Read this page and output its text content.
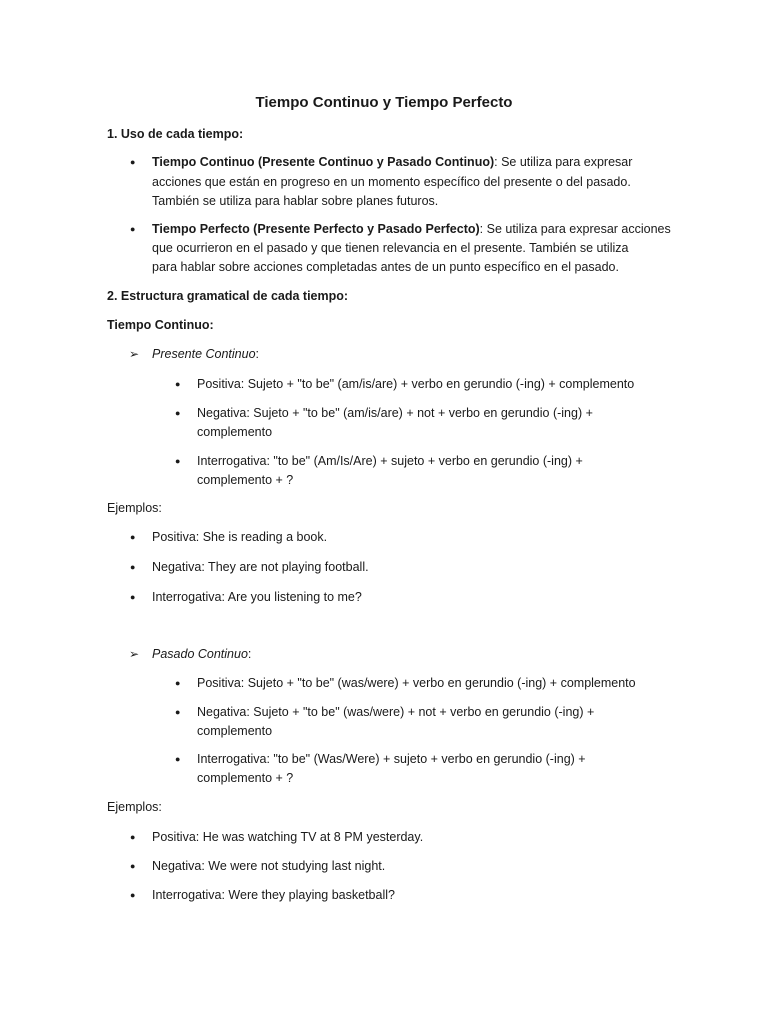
Tiempo Continuo y Tiempo Perfecto
1. Uso de cada tiempo:
● Tiempo Continuo (Presente Continuo y Pasado Continuo): Se utiliza para expresar
acciones que están en progreso en un momento específico del presente o del pasado.
También se utiliza para hablar sobre planes futuros.
● Tiempo Perfecto (Presente Perfecto y Pasado Perfecto): Se utiliza para expresar acciones
que ocurrieron en el pasado y que tienen relevancia en el presente. También se utiliza
para hablar sobre acciones completadas antes de un punto específico en el pasado.
2. Estructura gramatical de cada tiempo:
Tiempo Continuo:
➢ Presente Continuo:
● Positiva: Sujeto + "to be" (am/is/are) + verbo en gerundio (-ing) + complemento
● Negativa: Sujeto + "to be" (am/is/are) + not + verbo en gerundio (-ing) +
complemento
● Interrogativa: "to be" (Am/Is/Are) + sujeto + verbo en gerundio (-ing) +
complemento + ?
Ejemplos:
● Positiva: She is reading a book.
● Negativa: They are not playing football.
● Interrogativa: Are you listening to me?
➢ Pasado Continuo:
● Positiva: Sujeto + "to be" (was/were) + verbo en gerundio (-ing) + complemento
● Negativa: Sujeto + "to be" (was/were) + not + verbo en gerundio (-ing) +
complemento
● Interrogativa: "to be" (Was/Were) + sujeto + verbo en gerundio (-ing) +
complemento + ?
Ejemplos:
● Positiva: He was watching TV at 8 PM yesterday.
● Negativa: We were not studying last night.
● Interrogativa: Were they playing basketball?
